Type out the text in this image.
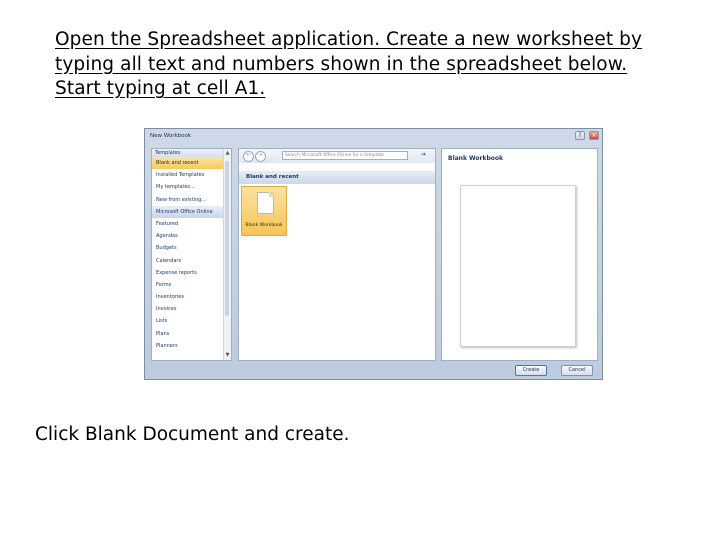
Open the Spreadsheet application. Create a new worksheet by
typing all text and numbers shown in the spreadsheet below.
Start typing at cell A1.
New Workbook	?	×
Templates
Blank and recent
Installed Templates
My templates...
New from existing...
Microsoft Office Online
Featured
Agendas
Budgets
Calendars
Expense reports
Forms
Inventories
Invoices
Lists
Plans
Planners
▲
▼
←	→	Search Microsoft Office Online for a template	➔
Blank and recent
Blank Workbook
Blank Workbook
Create	Cancel
Click Blank Document and create.
